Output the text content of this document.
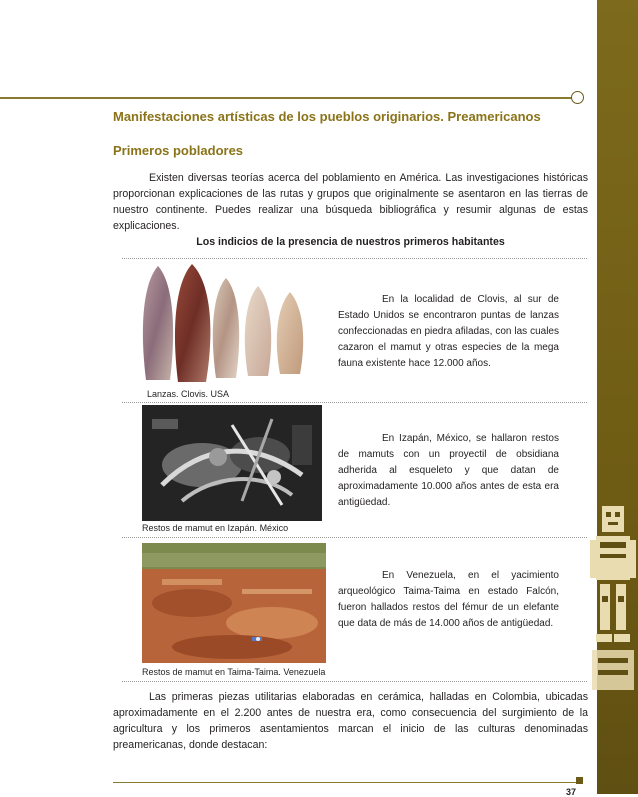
Manifestaciones artísticas de los pueblos originarios. Preamericanos
Primeros pobladores

Existen diversas teorías acerca del poblamiento en América. Las investigaciones históricas proporcionan explicaciones de las rutas y grupos que originalmente se asentaron en las tierras de nuestro continente. Puedes realizar una búsqueda bibliográfica y resumir algunas de estas explicaciones.

Los indicios de la presencia de nuestros primeros habitantes
Lanzas. Clovis. USA

En la localidad de Clovis, al sur de Estado Unidos se encontraron puntas de lanzas confeccionadas en piedra afiladas, con las cuales cazaron el mamut y otras especies de la mega fauna existente hace 12.000 años.

Restos de mamut en Izapán. México

En Izapán, México, se hallaron restos de mamuts con un proyectil de obsidiana adherida al esqueleto y que datan de aproximadamente 10.000 años antes de esta era antigüedad.

Restos de mamut en Taima-Taima. Venezuela

En Venezuela, en el yacimiento arqueológico Taima-Taima en estado Falcón, fueron hallados restos del fémur de un elefante que data de más de 14.000 años de antigüedad.

Las primeras piezas utilitarias elaboradas en cerámica, halladas en Colombia, ubicadas aproximadamente en el 2.200 antes de nuestra era, como consecuencia del surgimiento de la agricultura y los primeros asentamientos marcan el inicio de las culturas denominadas preamericanas, donde destacan:

37
